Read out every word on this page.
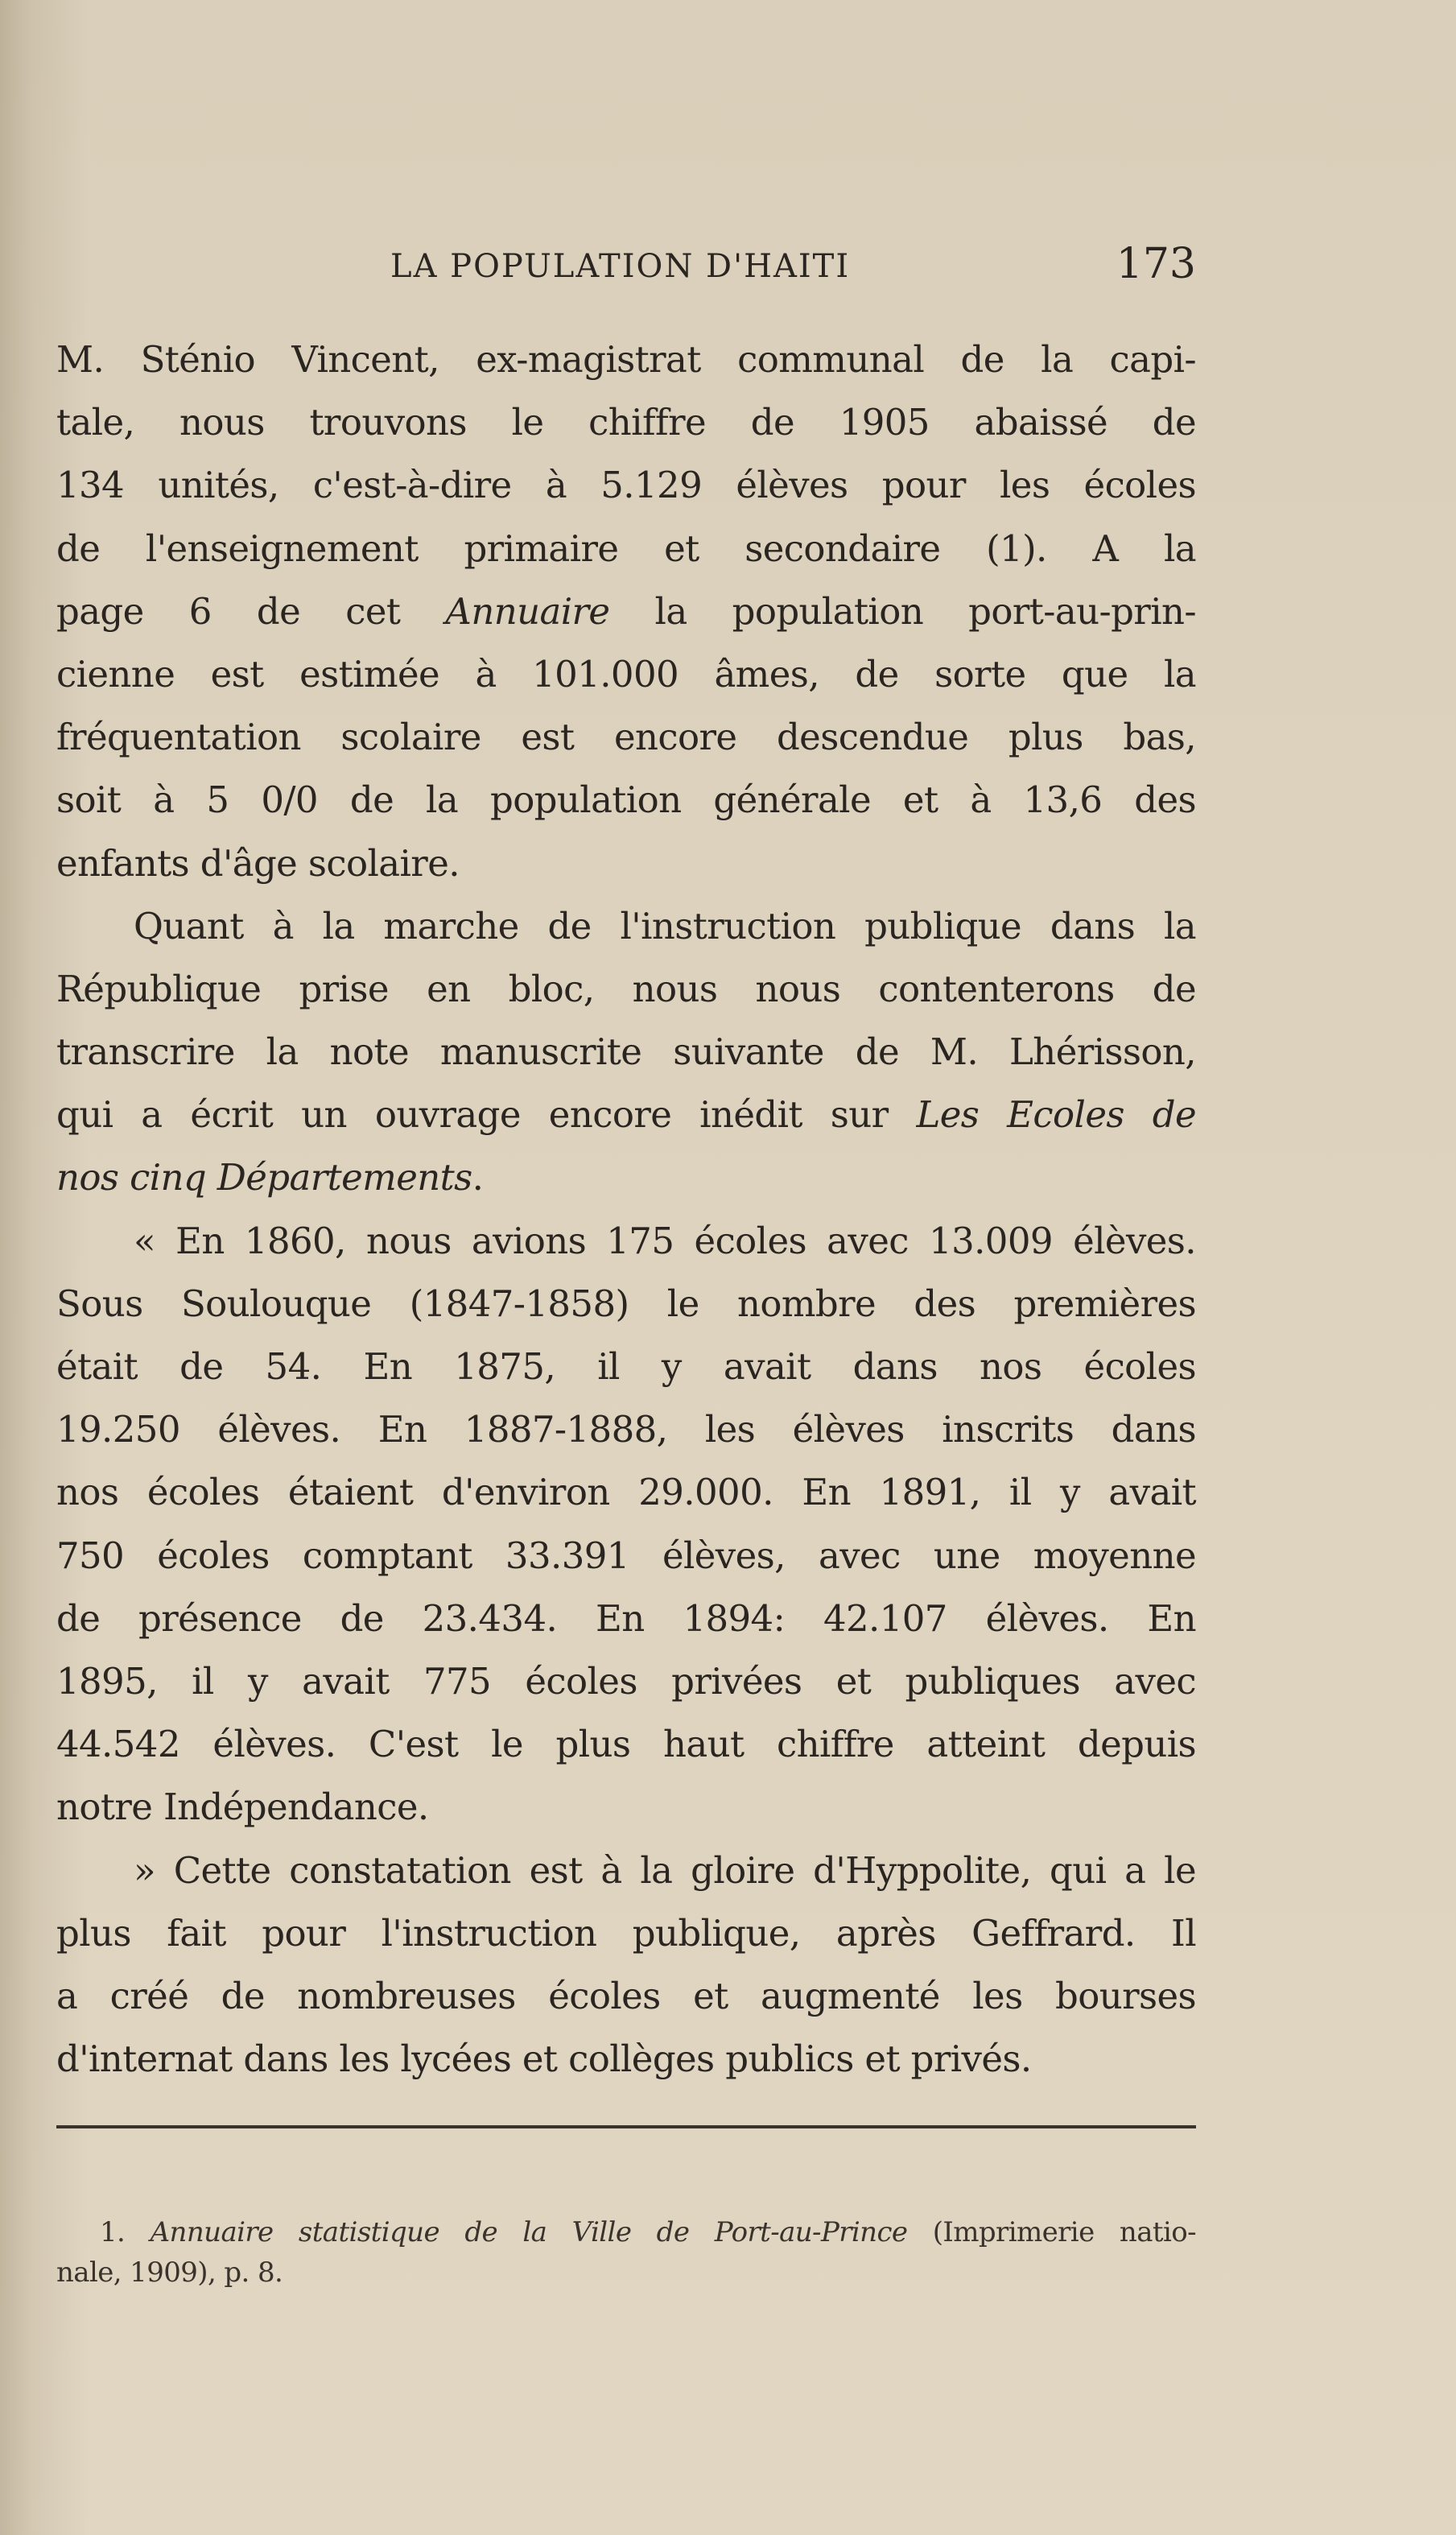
LA POPULATION D'HAITI	173
M. Sténio Vincent, ex-magistrat communal de la capi-
tale, nous trouvons le chiffre de 1905 abaissé de
134 unités, c'est-à-dire à 5.129 élèves pour les écoles
de l'enseignement primaire et secondaire (1). A la
page 6 de cet Annuaire la population port-au-prin-
cienne est estimée à 101.000 âmes, de sorte que la
fréquentation scolaire est encore descendue plus bas,
soit à 5 0/0 de la population générale et à 13,6 des
enfants d'âge scolaire.
Quant à la marche de l'instruction publique dans la
République prise en bloc, nous nous contenterons de
transcrire la note manuscrite suivante de M. Lhérisson,
qui a écrit un ouvrage encore inédit sur Les Ecoles de
nos cinq Départements.
« En 1860, nous avions 175 écoles avec 13.009 élèves.
Sous Soulouque (1847-1858) le nombre des premières
était de 54. En 1875, il y avait dans nos écoles
19.250 élèves. En 1887-1888, les élèves inscrits dans
nos écoles étaient d'environ 29.000. En 1891, il y avait
750 écoles comptant 33.391 élèves, avec une moyenne
de présence de 23.434. En 1894: 42.107 élèves. En
1895, il y avait 775 écoles privées et publiques avec
44.542 élèves. C'est le plus haut chiffre atteint depuis
notre Indépendance.
» Cette constatation est à la gloire d'Hyppolite, qui a le
plus fait pour l'instruction publique, après Geffrard. Il
a créé de nombreuses écoles et augmenté les bourses
d'internat dans les lycées et collèges publics et privés.
1. Annuaire statistique de la Ville de Port-au-Prince (Imprimerie natio-
nale, 1909), p. 8.
